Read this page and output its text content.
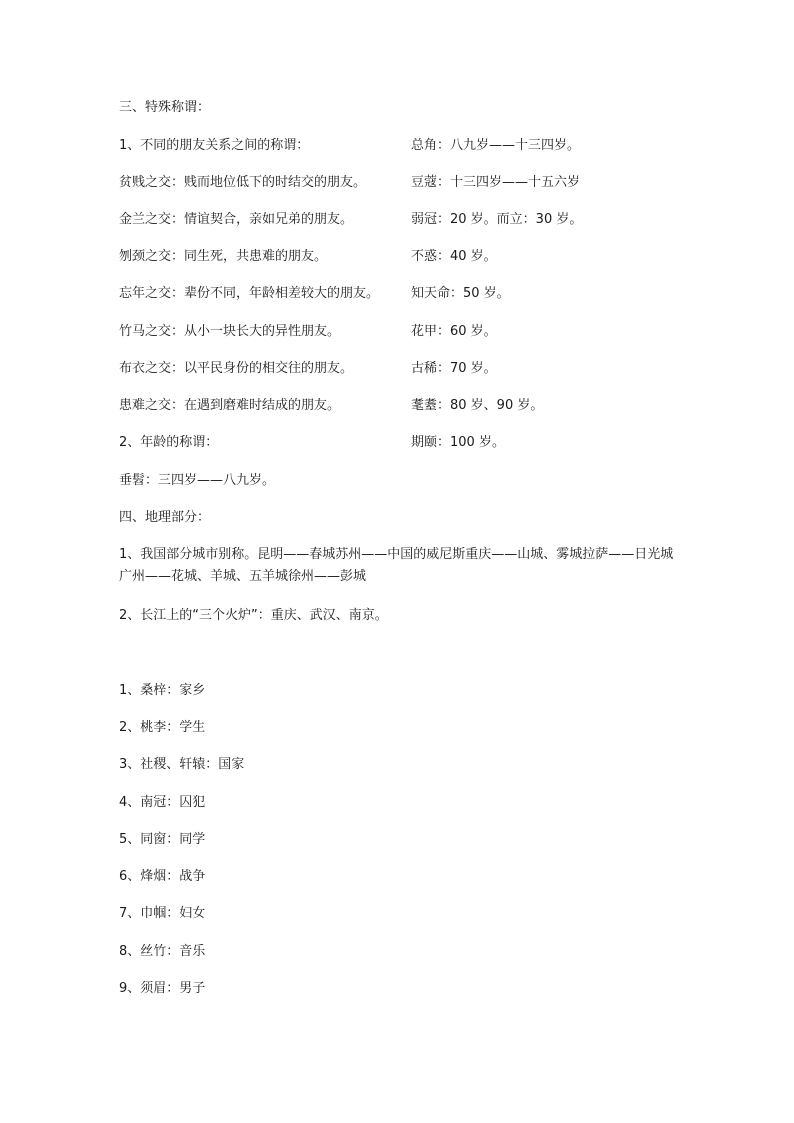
三、特殊称谓：
1、不同的朋友关系之间的称谓：	总角：八九岁——十三四岁。
贫贱之交：贱而地位低下的时结交的朋友。	豆蔻：十三四岁——十五六岁
金兰之交：情谊契合，亲如兄弟的朋友。	弱冠：20 岁。而立：30 岁。
刎颈之交：同生死，共患难的朋友。	不惑：40 岁。
忘年之交：辈份不同，年龄相差较大的朋友。 知天命：50 岁。
竹马之交：从小一块长大的异性朋友。	花甲：60 岁。
布衣之交：以平民身份的相交往的朋友。	古稀：70 岁。
患难之交：在遇到磨难时结成的朋友。	耄耋：80 岁、90 岁。
2、年龄的称谓：	期颐：100 岁。
垂髫：三四岁——八九岁。
四、地理部分：
1、我国部分城市别称。昆明——春城苏州——中国的威尼斯重庆——山城、雾城拉萨——日光城广州——花城、羊城、五羊城徐州——彭城
2、长江上的“三个火炉”：重庆、武汉、南京。
1、桑梓：家乡
2、桃李：学生
3、社稷、轩辕：国家
4、南冠：囚犯
5、同窗：同学
6、烽烟：战争
7、巾帼：妇女
8、丝竹：音乐
9、须眉：男子
